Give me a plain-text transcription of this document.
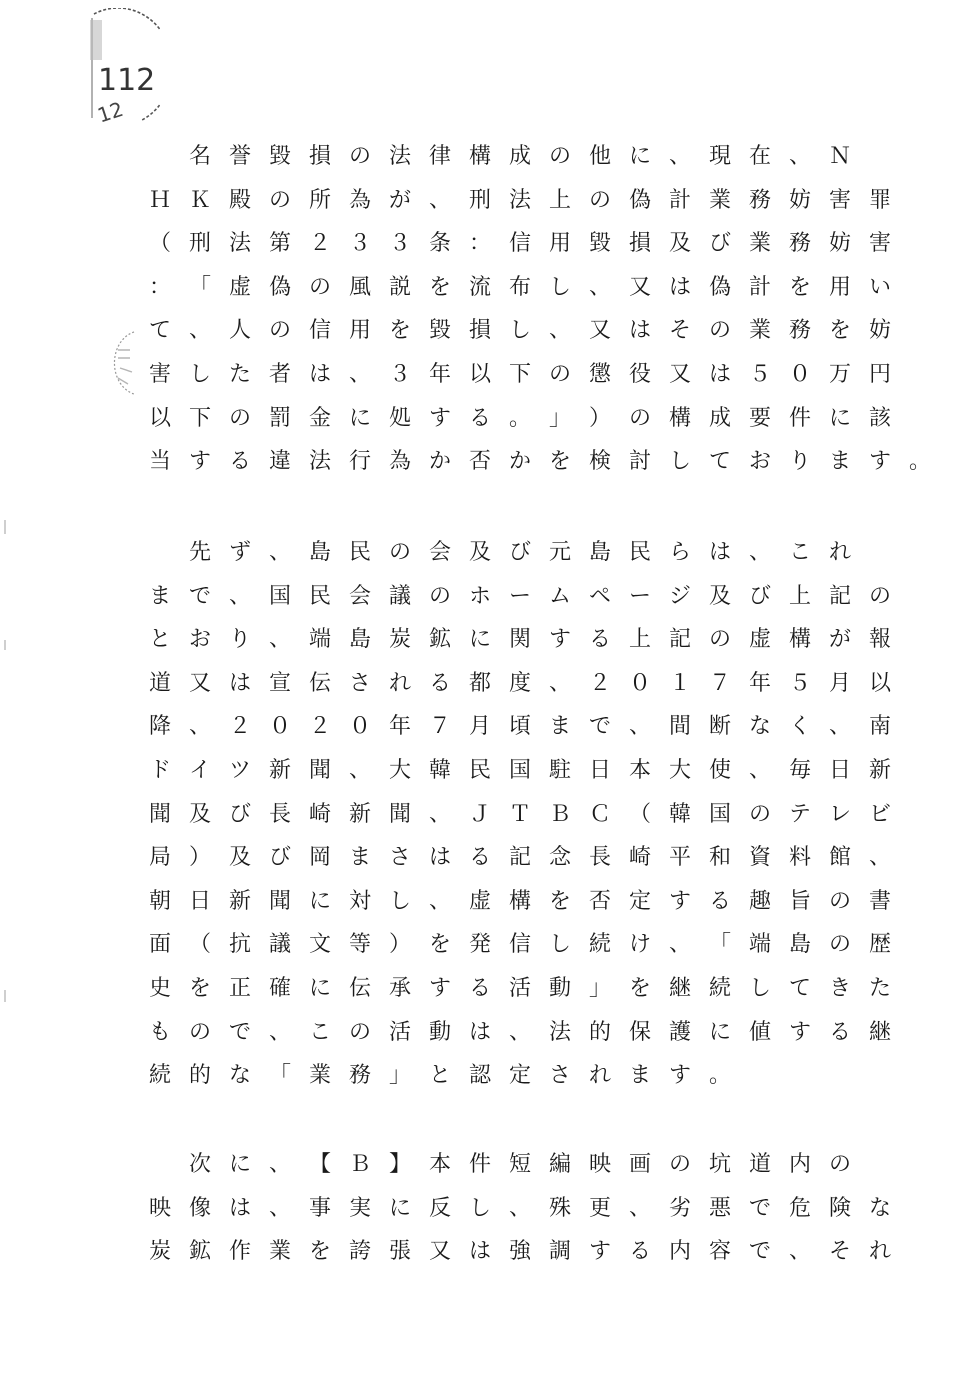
112
12

名 誉 毀 損 の 法 律 構 成 の 他 に 、 現 在 、 Ｎ
Ｈ Ｋ 殿 の 所 為 が 、 刑 法 上 の 偽 計 業 務 妨 害 罪
（ 刑 法 第 ２ ３ ３ 条 ： 信 用 毀 損 及 び 業 務 妨 害
： 「 虚 偽 の 風 説 を 流 布 し 、 又 は 偽 計 を 用 い
て 、 人 の 信 用 を 毀 損 し 、 又 は そ の 業 務 を 妨
害 し た 者 は 、 ３ 年 以 下 の 懲 役 又 は ５ ０ 万 円
以 下 の 罰 金 に 処 す る 。 」 ） の 構 成 要 件 に 該
当 す る 違 法 行 為 か 否 か を 検 討 し て お り ま す 。

先 ず 、 島 民 の 会 及 び 元 島 民 ら は 、 こ れ
ま で 、 国 民 会 議 の ホ ー ム ペ ー ジ 及 び 上 記 の
と お り 、 端 島 炭 鉱 に 関 す る 上 記 の 虚 構 が 報
道 又 は 宣 伝 さ れ る 都 度 、 ２ ０ １ ７ 年 ５ 月 以
降 、 ２ ０ ２ ０ 年 ７ 月 頃 ま で 、 間 断 な く 、 南
ド イ ツ 新 聞 、 大 韓 民 国 駐 日 本 大 使 、 毎 日 新
聞 及 び 長 崎 新 聞 、 Ｊ Ｔ Ｂ Ｃ （ 韓 国 の テ レ ビ
局 ） 及 び 岡 ま さ は る 記 念 長 崎 平 和 資 料 館 、
朝 日 新 聞 に 対 し 、 虚 構 を 否 定 す る 趣 旨 の 書
面 （ 抗 議 文 等 ） を 発 信 し 続 け 、 「 端 島 の 歴
史 を 正 確 に 伝 承 す る 活 動 」 を 継 続 し て き た
も の で 、 こ の 活 動 は 、 法 的 保 護 に 値 す る 継
続 的 な 「 業 務 」 と 認 定 さ れ ま す 。

次 に 、 【 Ｂ 】 本 件 短 編 映 画 の 坑 道 内 の
映 像 は 、 事 実 に 反 し 、 殊 更 、 劣 悪 で 危 険 な
炭 鉱 作 業 を 誇 張 又 は 強 調 す る 内 容 で 、 そ れ
